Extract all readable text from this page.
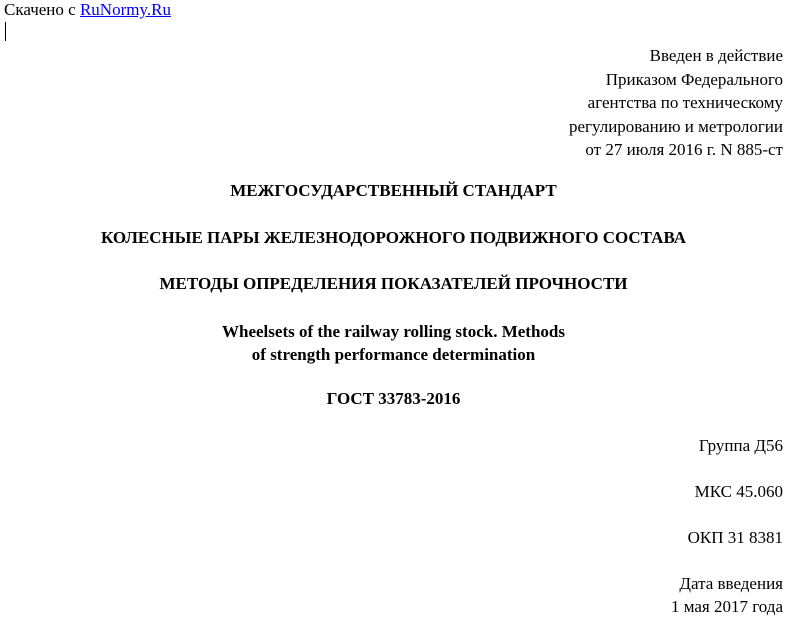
Скачено с RuNormy.Ru
Введен в действие
Приказом Федерального
агентства по техническому
регулированию и метрологии
от 27 июля 2016 г. N 885-ст
МЕЖГОСУДАРСТВЕННЫЙ СТАНДАРТ
КОЛЕСНЫЕ ПАРЫ ЖЕЛЕЗНОДОРОЖНОГО ПОДВИЖНОГО СОСТАВА
МЕТОДЫ ОПРЕДЕЛЕНИЯ ПОКАЗАТЕЛЕЙ ПРОЧНОСТИ
Wheelsets of the railway rolling stock. Methods
of strength performance determination
ГОСТ 33783-2016
Группа Д56
МКС 45.060
ОКП 31 8381
Дата введения
1 мая 2017 года
